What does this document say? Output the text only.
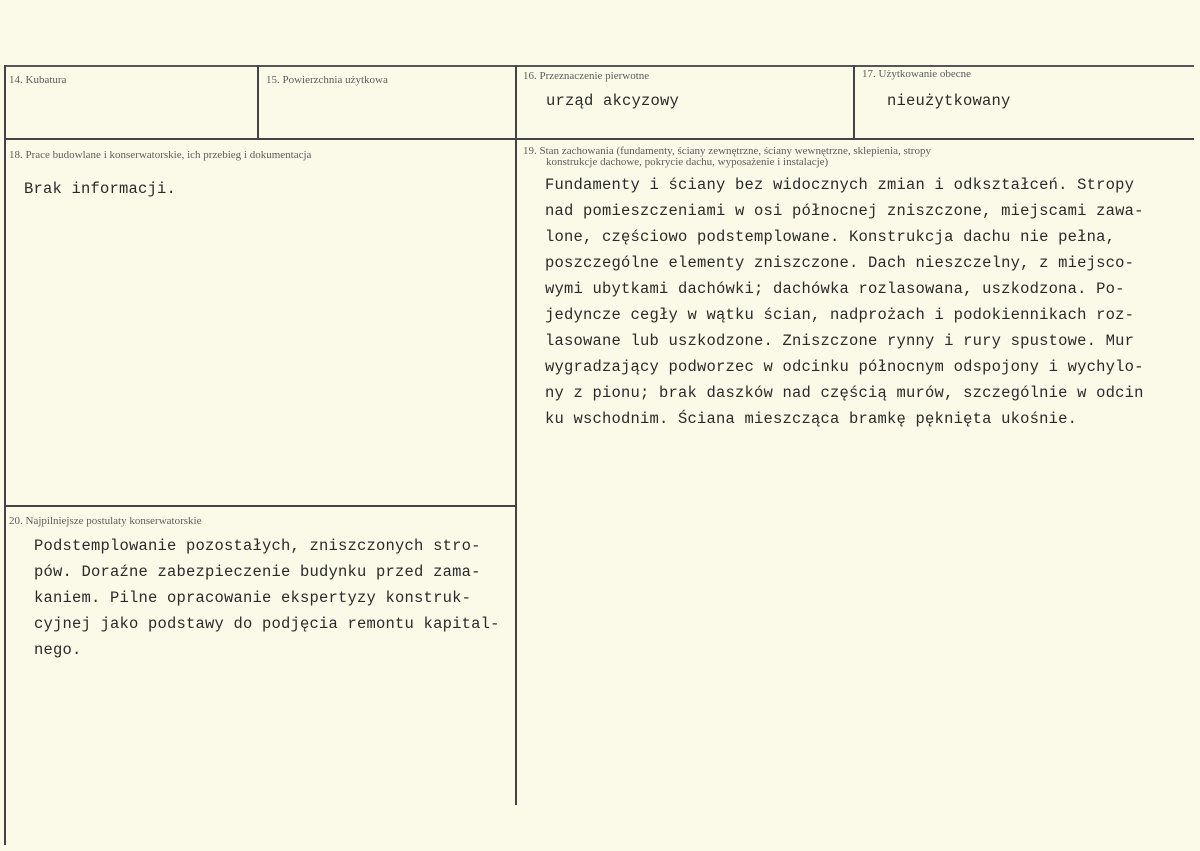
14. Kubatura	15. Powierzchnia użytkowa	16. Przeznaczenie pierwotne
urząd akcyzowy
17. Użytkowanie obecne
nieużytkowany
18. Prace budowlane i konserwatorskie, ich przebieg i dokumentacja
Brak informacji.
19. Stan zachowania (fundamenty, ściany zewnętrzne, ściany wewnętrzne, sklepienia, stropy
konstrukcje dachowe, pokrycie dachu, wyposażenie i instalacje)
Fundamenty i ściany bez widocznych zmian i odkształceń. Stropy
nad pomieszczeniami w osi północnej zniszczone, miejscami zawa-
lone, częściowo podstemplowane. Konstrukcja dachu nie pełna,
poszczególne elementy zniszczone. Dach nieszczelny, z miejsco-
wymi ubytkami dachówki; dachówka rozlasowana, uszkodzona. Po-
jedyncze cegły w wątku ścian, nadprożach i podokiennikach roz-
lasowane lub uszkodzone. Zniszczone rynny i rury spustowe. Mur
wygradzający podworzec w odcinku północnym odspojony i wychylo-
ny z pionu; brak daszków nad częścią murów, szczególnie w odcin
ku wschodnim. Ściana mieszcząca bramkę pęknięta ukośnie.
20. Najpilniejsze postulaty konserwatorskie
Podstemplowanie pozostałych, zniszczonych stro-
pów. Doraźne zabezpieczenie budynku przed zama-
kaniem. Pilne opracowanie ekspertyzy konstruk-
cyjnej jako podstawy do podjęcia remontu kapital-
nego.
